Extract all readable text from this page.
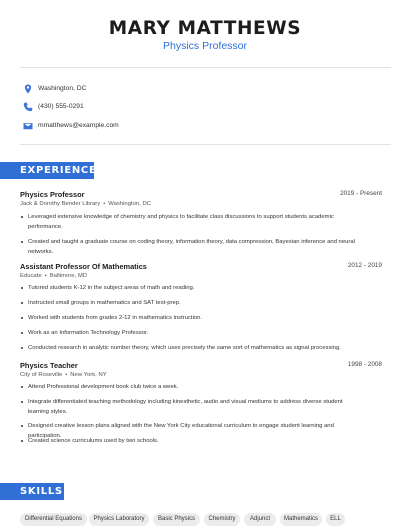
MARY MATTHEWS
Physics Professor
Washington, DC
(430) 555-0291
mmatthews@example.com
EXPERIENCE
Physics Professor	2019 - Present
Jack & Dorothy Bender Library • Washington, DC
Leveraged extensive knowledge of chemistry and physics to facilitate class discussions to support students academic performance.
Created and taught a graduate course on coding theory, information theory, data compression, Bayesian inference and neural networks.
Assistant Professor Of Mathematics	2012 - 2019
Educate • Baltimore, MD
Tutored students K-12 in the subject areas of math and reading.
Instructed small groups in mathematics and SAT test-prep.
Worked with students from grades 2-12 in mathematics instruction.
Work as an Information Technology Professor.
Conducted research in analytic number theory, which uses precisely the same sort of mathematics as signal processing.
Physics Teacher	1998 - 2008
City of Roseville • New York, NY
Attend Professional development book club twice a week.
Integrate differentiated teaching methodology including kinesthetic, audio and visual mediums to address diverse student learning styles.
Designed creative lesson plans aligned with the New York City educational curriculum to engage student learning and participation.
Created science curriculums used by two schools.
SKILLS
Differential Equations	Physics Laboratory	Basic Physics	Chemistry	Adjunct	Mathematics	ELL
